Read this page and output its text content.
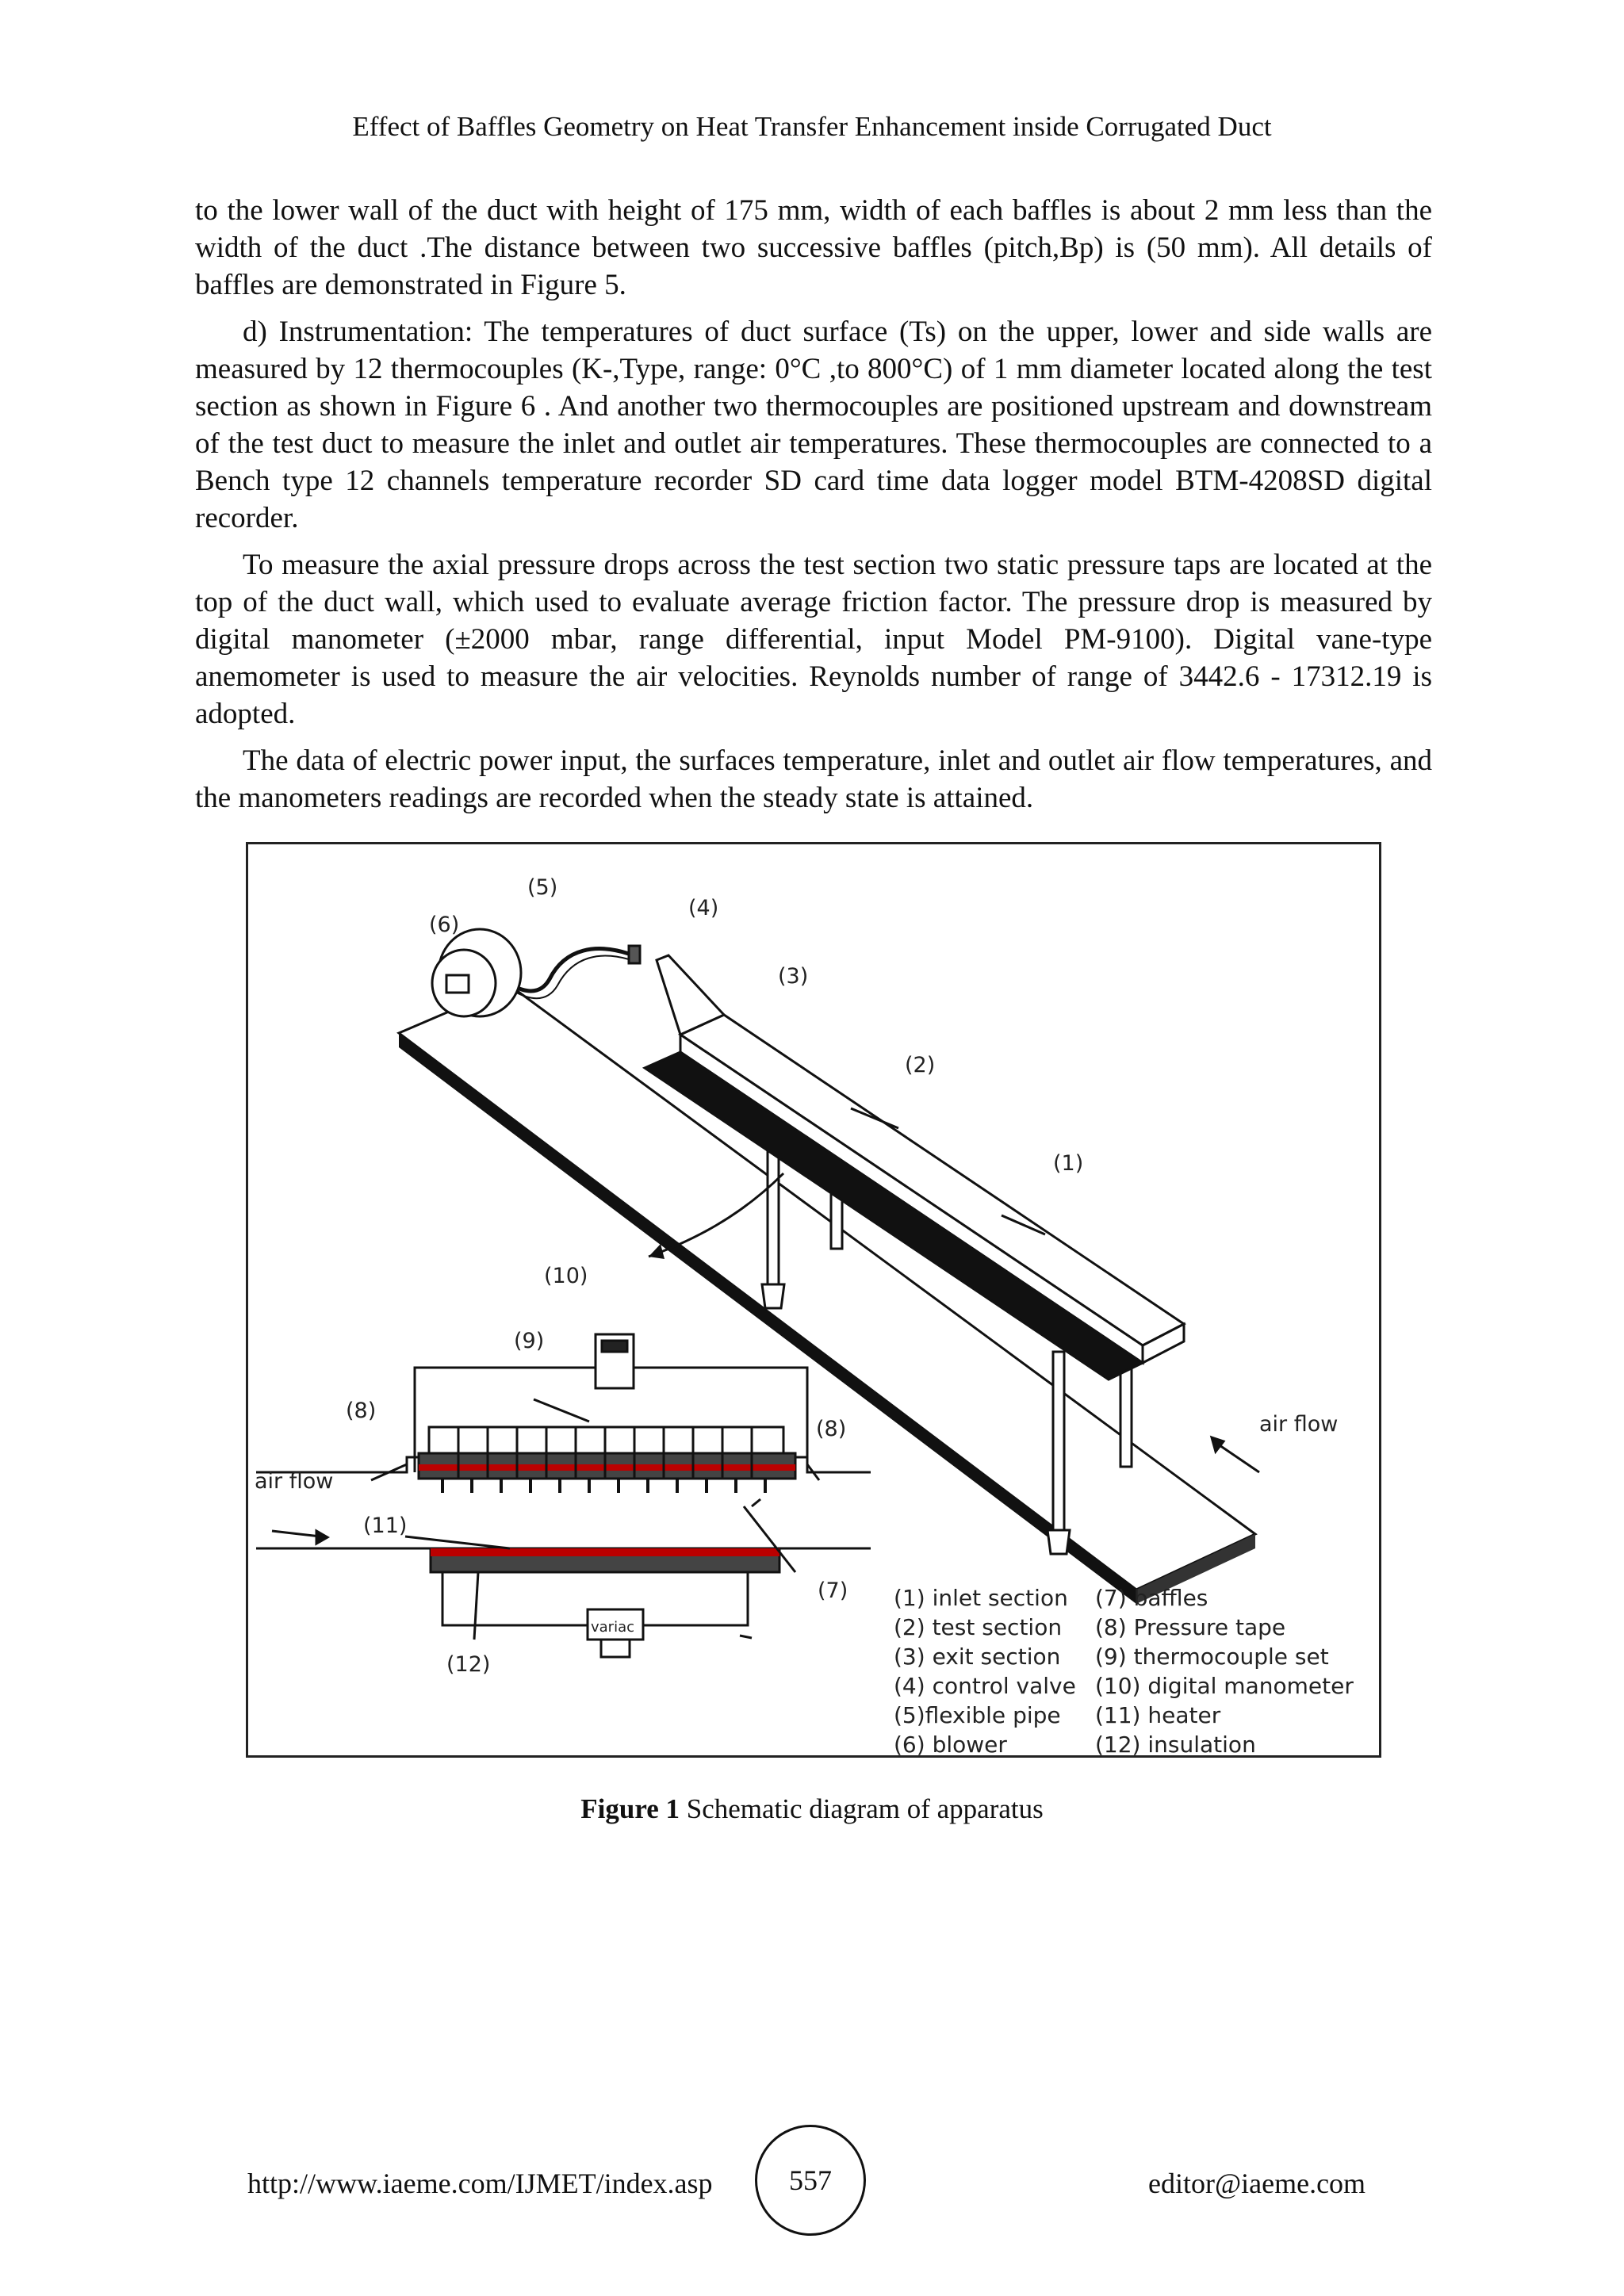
Effect of Baffles Geometry on Heat Transfer Enhancement inside Corrugated Duct

to the lower wall of the duct with height of 175 mm, width of each baffles is about 2 mm less than the width of the duct .The distance between two successive baffles (pitch,Bp) is (50 mm). All details of baffles are demonstrated in Figure 5.

d) Instrumentation: The temperatures of duct surface (Ts) on the upper, lower and side walls are measured by 12 thermocouples (K-,Type, range: 0°C ,to 800°C) of 1 mm diameter located along the test section as shown in Figure 6 . And another two thermocouples are positioned upstream and downstream of the test duct to measure the inlet and outlet air temperatures. These thermocouples are connected to a Bench type 12 channels temperature recorder SD card time data logger model BTM-4208SD digital recorder.

To measure the axial pressure drops across the test section two static pressure taps are located at the top of the duct wall, which used to evaluate average friction factor. The pressure drop is measured by digital manometer (±2000 mbar, range differential, input Model PM-9100). Digital vane-type anemometer is used to measure the air velocities. Reynolds number of range of 3442.6 - 17312.19 is adopted.

The data of electric power input, the surfaces temperature, inlet and outlet air flow temperatures, and the manometers readings are recorded when the steady state is attained.

(5)
(6)
(4)
(3)
(2)
(1)
(10)
(9)
(8)
(8)
air flow
air flow
(11)
(7)
(12)
variac
(1) inlet section
(2) test section
(3) exit section
(4) control valve
(5)flexible pipe
(6) blower
(7) baffles
(8) Pressure tape
(9) thermocouple set
(10) digital manometer
(11) heater
(12) insulation
Figure 1 Schematic diagram of apparatus
http://www.iaeme.com/IJMET/index.asp	557	editor@iaeme.com
